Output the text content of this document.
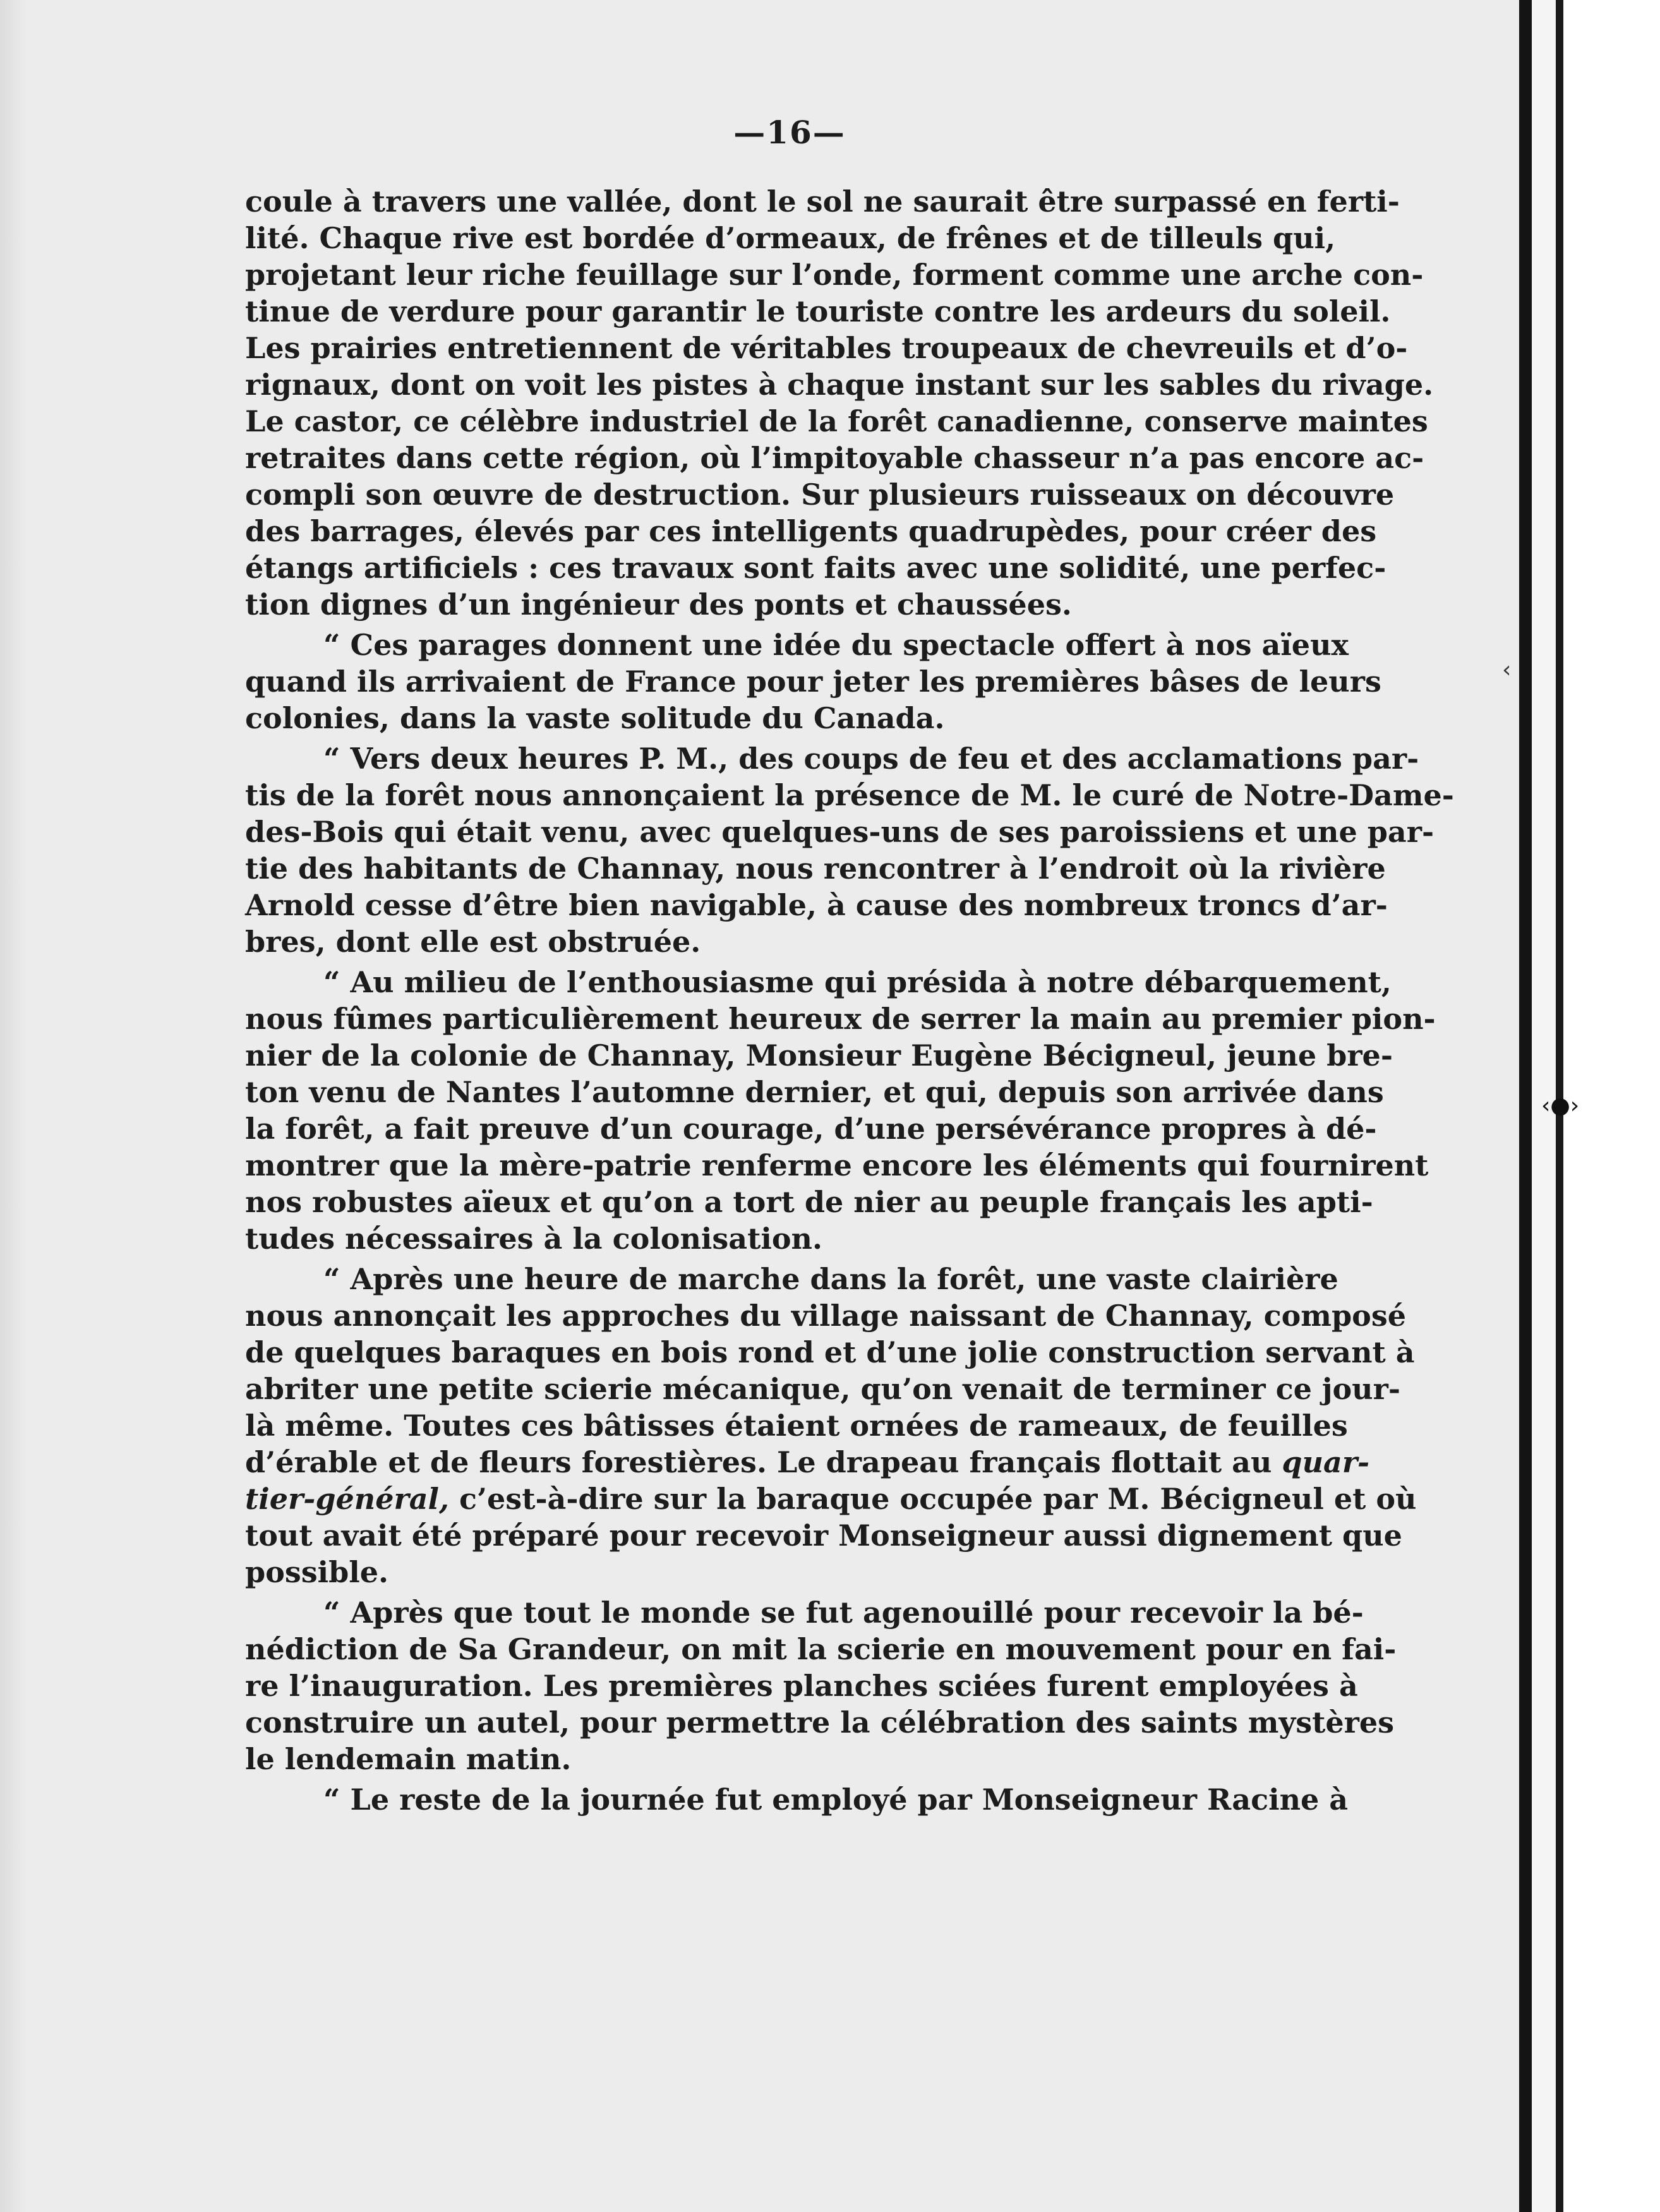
—16—
coule à travers une vallée, dont le sol ne saurait être surpassé en ferti-
lité. Chaque rive est bordée d’ormeaux, de frênes et de tilleuls qui,
projetant leur riche feuillage sur l’onde, forment comme une arche con-
tinue de verdure pour garantir le touriste contre les ardeurs du soleil.
Les prairies entretiennent de véritables troupeaux de chevreuils et d’o-
rignaux, dont on voit les pistes à chaque instant sur les sables du rivage.
Le castor, ce célèbre industriel de la forêt canadienne, conserve maintes
retraites dans cette région, où l’impitoyable chasseur n’a pas encore ac-
compli son œuvre de destruction. Sur plusieurs ruisseaux on découvre
des barrages, élevés par ces intelligents quadrupèdes, pour créer des
étangs artificiels : ces travaux sont faits avec une solidité, une perfec-
tion dignes d’un ingénieur des ponts et chaussées.
“ Ces parages donnent une idée du spectacle offert à nos aïeux
quand ils arrivaient de France pour jeter les premières bâses de leurs
colonies, dans la vaste solitude du Canada.
“ Vers deux heures P. M., des coups de feu et des acclamations par-
tis de la forêt nous annonçaient la présence de M. le curé de Notre-Dame-
des-Bois qui était venu, avec quelques-uns de ses paroissiens et une par-
tie des habitants de Channay, nous rencontrer à l’endroit où la rivière
Arnold cesse d’être bien navigable, à cause des nombreux troncs d’ar-
bres, dont elle est obstruée.
“ Au milieu de l’enthousiasme qui présida à notre débarquement,
nous fûmes particulièrement heureux de serrer la main au premier pion-
nier de la colonie de Channay, Monsieur Eugène Bécigneul, jeune bre-
ton venu de Nantes l’automne dernier, et qui, depuis son arrivée dans
la forêt, a fait preuve d’un courage, d’une persévérance propres à dé-
montrer que la mère-patrie renferme encore les éléments qui fournirent
nos robustes aïeux et qu’on a tort de nier au peuple français les apti-
tudes nécessaires à la colonisation.
“ Après une heure de marche dans la forêt, une vaste clairière
nous annonçait les approches du village naissant de Channay, composé
de quelques baraques en bois rond et d’une jolie construction servant à
abriter une petite scierie mécanique, qu’on venait de terminer ce jour-
là même. Toutes ces bâtisses étaient ornées de rameaux, de feuilles
d’érable et de fleurs forestières. Le drapeau français flottait au quar-
tier-général, c’est-à-dire sur la baraque occupée par M. Bécigneul et où
tout avait été préparé pour recevoir Monseigneur aussi dignement que
possible.
“ Après que tout le monde se fut agenouillé pour recevoir la bé-
nédiction de Sa Grandeur, on mit la scierie en mouvement pour en fai-
re l’inauguration. Les premières planches sciées furent employées à
construire un autel, pour permettre la célébration des saints mystères
le lendemain matin.
“ Le reste de la journée fut employé par Monseigneur Racine à
‹
‹●›
